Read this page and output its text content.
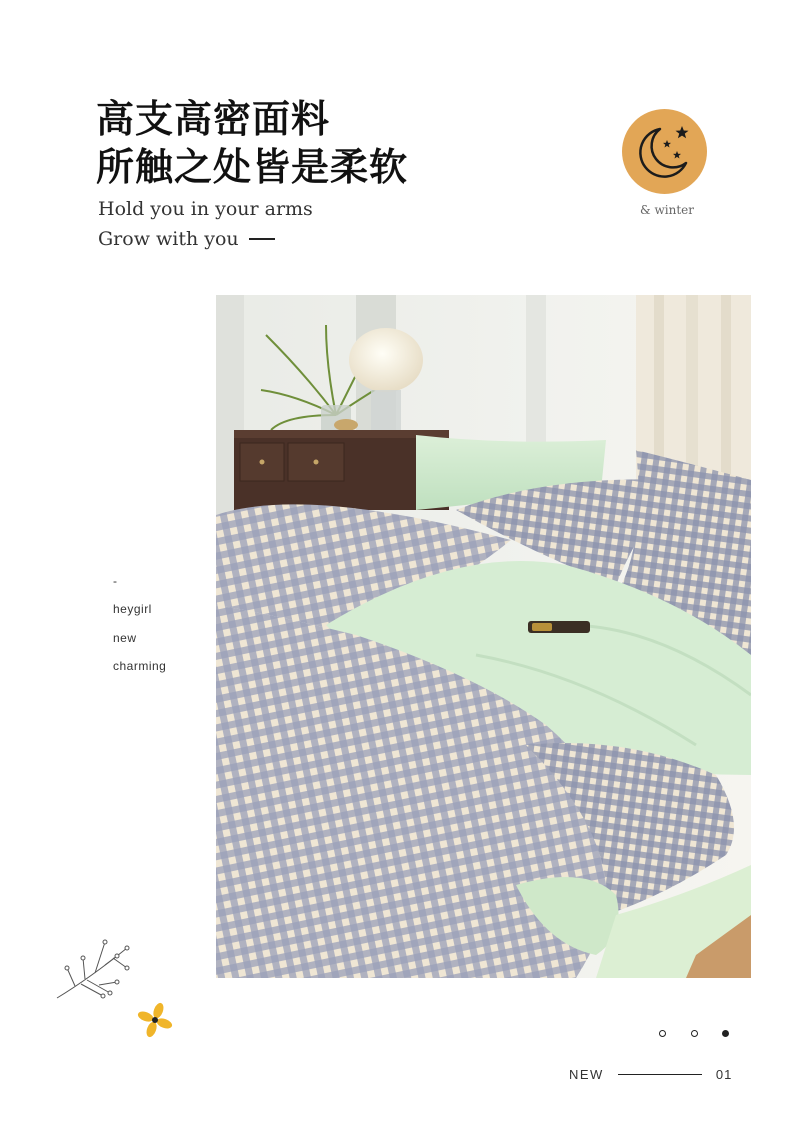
高支高密面料
所触之处皆是柔软
Hold you in your arms
Grow with you
& winter
-
heygirl
new
charming
NEW	01
